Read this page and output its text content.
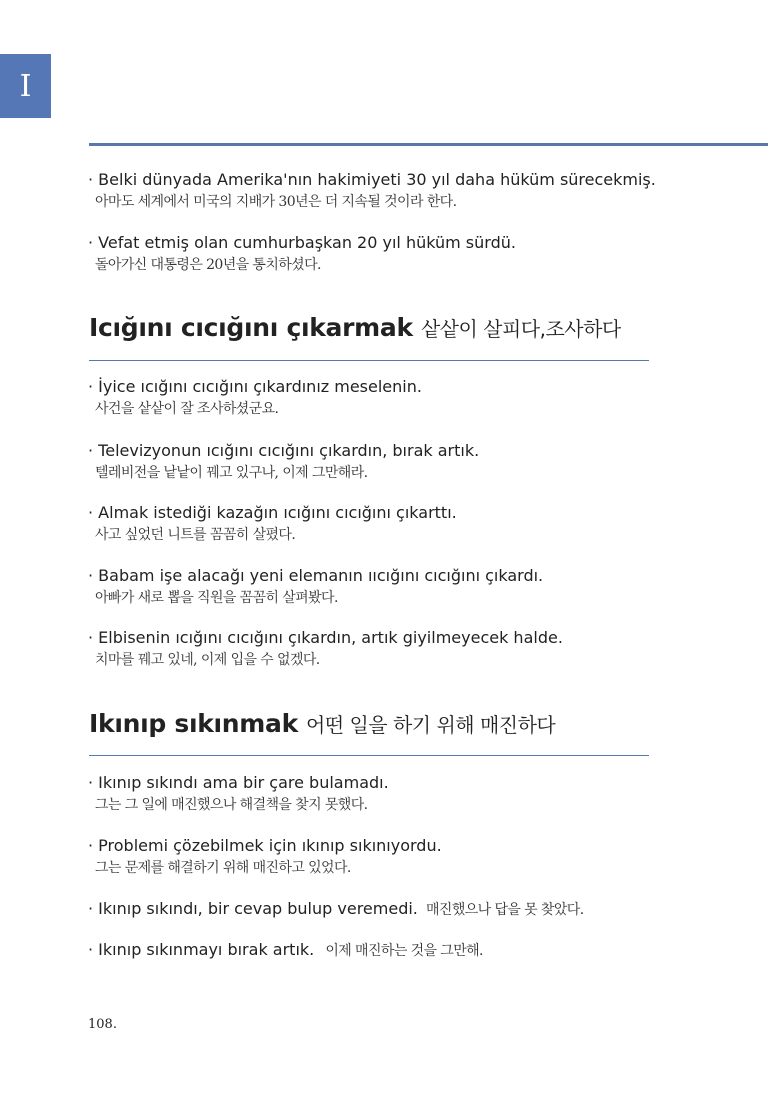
I
· Belki dünyada Amerika'nın hakimiyeti 30 yıl daha hüküm sürecekmiş.
아마도 세계에서 미국의 지배가 30년은 더 지속될 것이라 한다.
· Vefat etmiş olan cumhurbaşkan 20 yıl hüküm sürdü.
돌아가신 대통령은 20년을 통치하셨다.
Icığını cıcığını çıkarmak 샅샅이 살피다,조사하다
· İyice ıcığını cıcığını çıkardınız meselenin.
사건을 샅샅이 잘 조사하셨군요.
· Televizyonun ıcığını cıcığını çıkardın, bırak artık.
텔레비전을 낱낱이 꿰고 있구나, 이제 그만해라.
· Almak istediği kazağın ıcığını cıcığını çıkarttı.
사고 싶었던 니트를 꼼꼼히 살폈다.
· Babam işe alacağı yeni elemanın ııcığını cıcığını çıkardı.
아빠가 새로 뽑을 직원을 꼼꼼히 살펴봤다.
· Elbisenin ıcığını cıcığını çıkardın, artık giyilmeyecek halde.
치마를 꿰고 있네, 이제 입을 수 없겠다.
Ikınıp sıkınmak 어떤 일을 하기 위해 매진하다
· Ikınıp sıkındı ama bir çare bulamadı.
그는 그 일에 매진했으나 해결책을 찾지 못했다.
· Problemi çözebilmek için ıkınıp sıkınıyordu.
그는 문제를 해결하기 위해 매진하고 있었다.
· Ikınıp sıkındı, bir cevap bulup veremedi. 매진했으나 답을 못 찾았다.
· Ikınıp sıkınmayı bırak artık. 이제 매진하는 것을 그만해.
108.
